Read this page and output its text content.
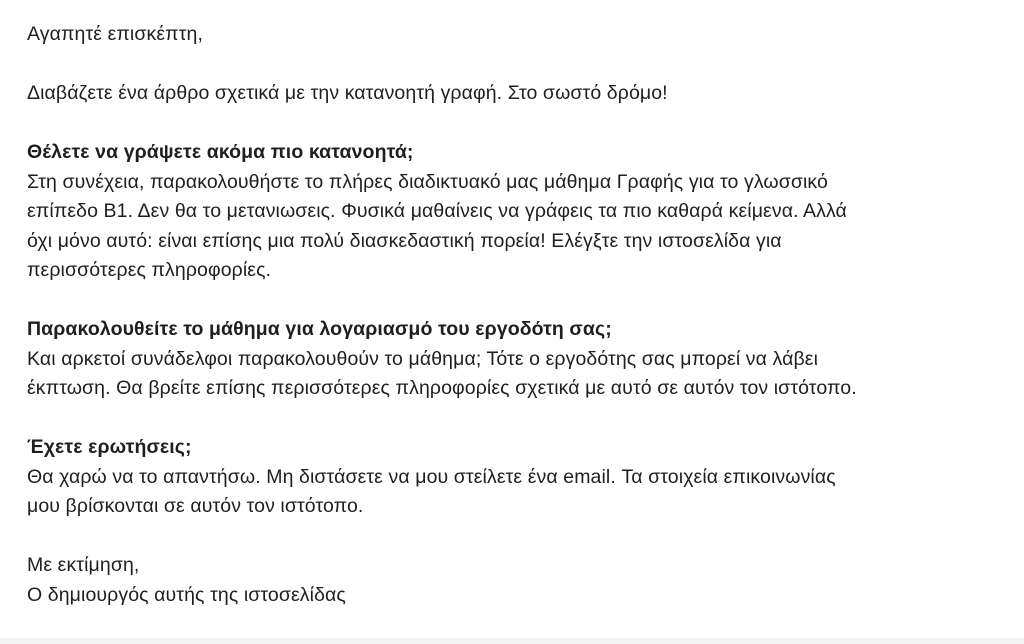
Αγαπητέ επισκέπτη,

Διαβάζετε ένα άρθρο σχετικά με την κατανοητή γραφή. Στο σωστό δρόμο!

Θέλετε να γράψετε ακόμα πιο κατανοητά;
Στη συνέχεια, παρακολουθήστε το πλήρες διαδικτυακό μας μάθημα Γραφής για το γλωσσικό
επίπεδο Β1. Δεν θα το μετανιωσεις. Φυσικά μαθαίνεις να γράφεις τα πιο καθαρά κείμενα. Αλλά
όχι μόνο αυτό: είναι επίσης μια πολύ διασκεδαστική πορεία! Ελέγξτε την ιστοσελίδα για
περισσότερες πληροφορίες.
Παρακολουθείτε το μάθημα για λογαριασμό του εργοδότη σας;
Και αρκετοί συνάδελφοι παρακολουθούν το μάθημα; Τότε ο εργοδότης σας μπορεί να λάβει
έκπτωση. Θα βρείτε επίσης περισσότερες πληροφορίες σχετικά με αυτό σε αυτόν τον ιστότοπο.
Έχετε ερωτήσεις;
Θα χαρώ να το απαντήσω. Μη διστάσετε να μου στείλετε ένα email. Τα στοιχεία επικοινωνίας
μου βρίσκονται σε αυτόν τον ιστότοπο.
Με εκτίμηση,
Ο δημιουργός αυτής της ιστοσελίδας
